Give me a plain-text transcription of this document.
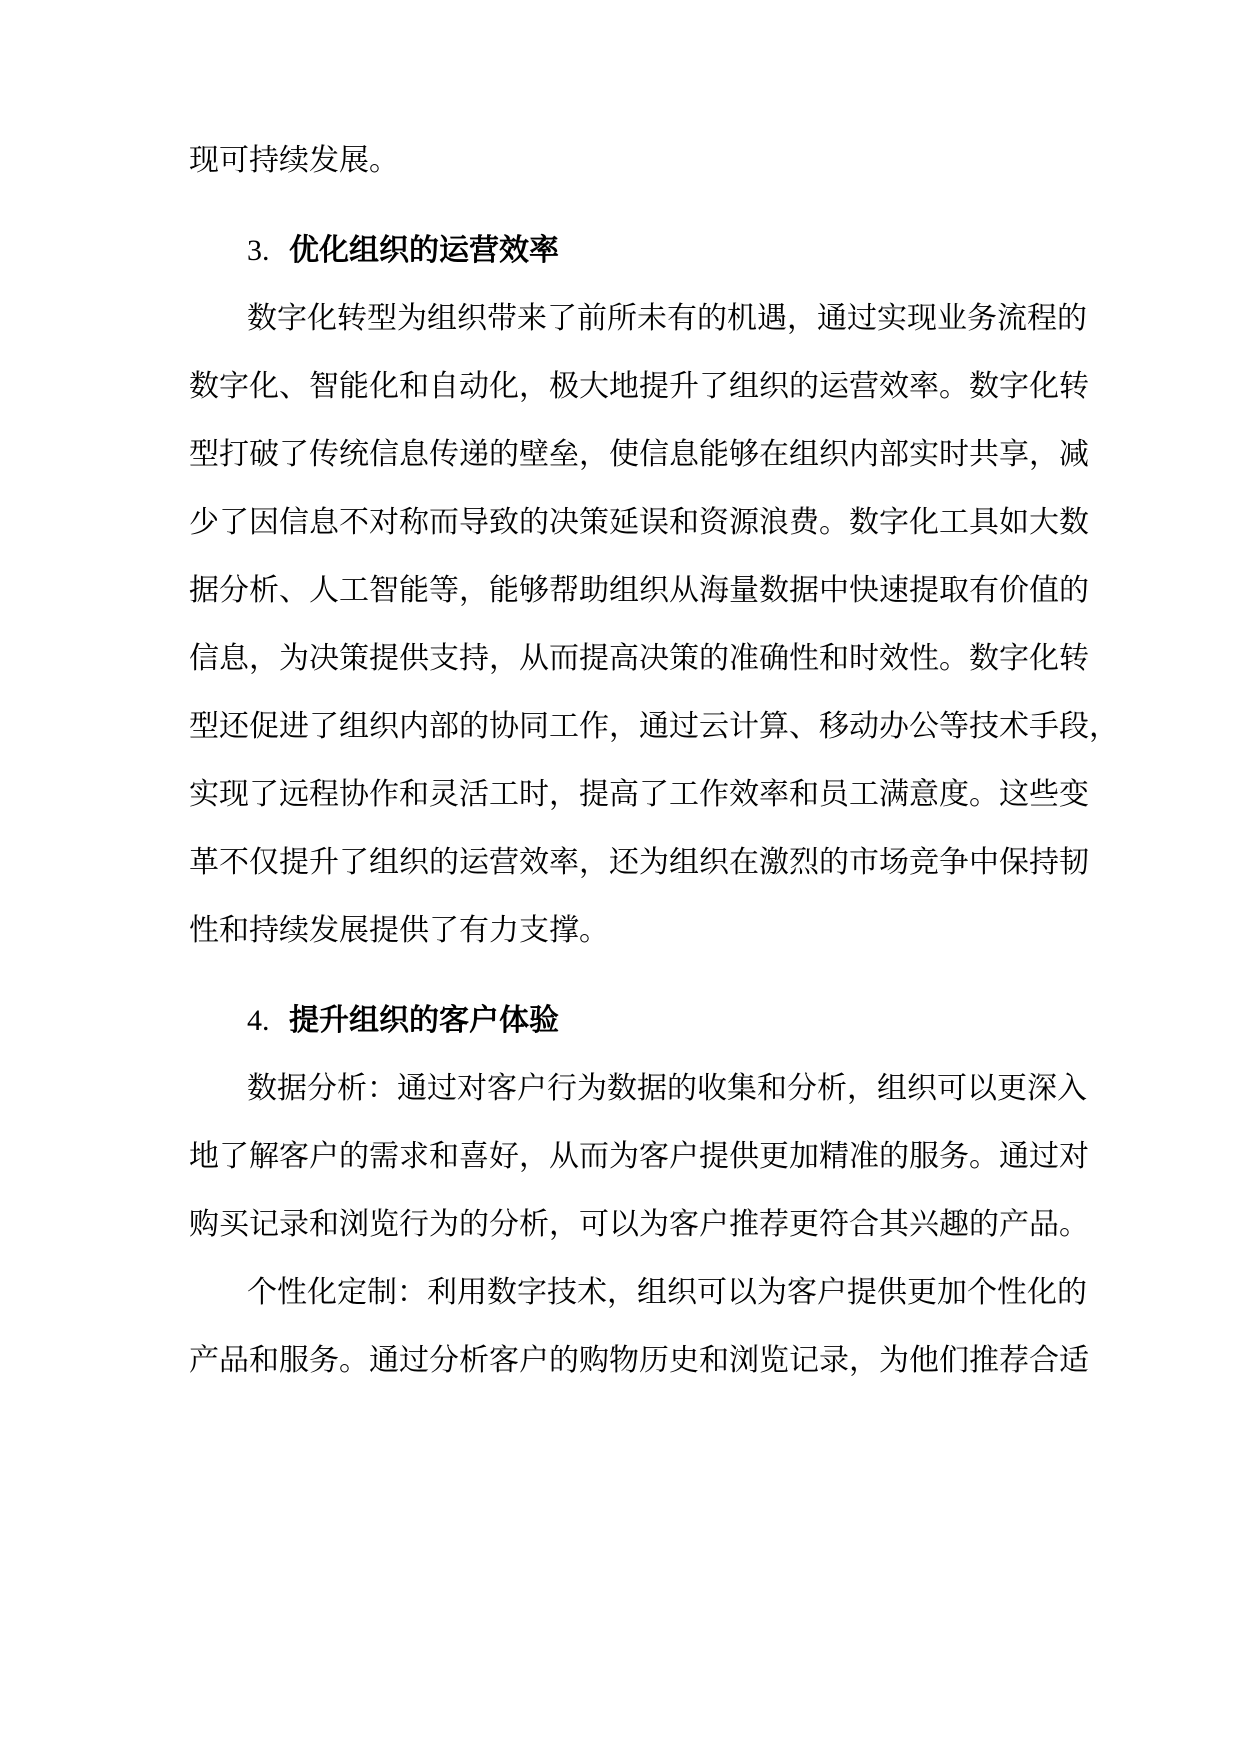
现可持续发展。
3. 优化组织的运营效率
数字化转型为组织带来了前所未有的机遇，通过实现业务流程的
数字化、智能化和自动化，极大地提升了组织的运营效率。数字化转
型打破了传统信息传递的壁垒，使信息能够在组织内部实时共享，减
少了因信息不对称而导致的决策延误和资源浪费。数字化工具如大数
据分析、人工智能等，能够帮助组织从海量数据中快速提取有价值的
信息，为决策提供支持，从而提高决策的准确性和时效性。数字化转
型还促进了组织内部的协同工作，通过云计算、移动办公等技术手段，
实现了远程协作和灵活工时，提高了工作效率和员工满意度。这些变
革不仅提升了组织的运营效率，还为组织在激烈的市场竞争中保持韧
性和持续发展提供了有力支撑。
4. 提升组织的客户体验
数据分析：通过对客户行为数据的收集和分析，组织可以更深入
地了解客户的需求和喜好，从而为客户提供更加精准的服务。通过对
购买记录和浏览行为的分析，可以为客户推荐更符合其兴趣的产品。
个性化定制：利用数字技术，组织可以为客户提供更加个性化的
产品和服务。通过分析客户的购物历史和浏览记录，为他们推荐合适
